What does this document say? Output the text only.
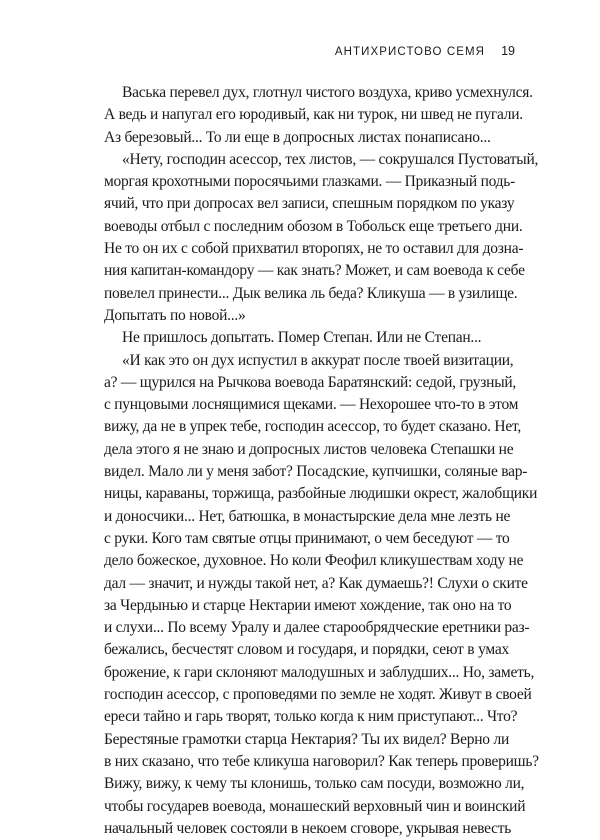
АНТИХРИСТОВО СЕМЯ 19
Васька перевел дух, глотнул чистого воздуха, криво усмехнулся.
А ведь и напугал его юродивый, как ни турок, ни швед не пугали.
Аз березовый... То ли еще в допросных листах понаписано...
«Нету, господин асессор, тех листов, — сокрушался Пустоватый,
моргая крохотными поросячьими глазками. — Приказный подь-
ячий, что при допросах вел записи, спешным порядком по указу
воеводы отбыл с последним обозом в Тобольск еще третьего дни.
Не то он их с собой прихватил второпях, не то оставил для дозна-
ния капитан-командору — как знать? Может, и сам воевода к себе
повелел принести... Дык велика ль беда? Кликуша — в узилище.
Допытать по новой...»
Не пришлось допытать. Помер Степан. Или не Степан...
«И как это он дух испустил в аккурат после твоей визитации,
а? — щурился на Рычкова воевода Баратянский: седой, грузный,
с пунцовыми лоснящимися щеками. — Нехорошее что-то в этом
вижу, да не в упрек тебе, господин асессор, то будет сказано. Нет,
дела этого я не знаю и допросных листов человека Степашки не
видел. Мало ли у меня забот? Посадские, купчишки, соляные вар-
ницы, караваны, торжища, разбойные людишки окрест, жалобщики
и доносчики... Нет, батюшка, в монастырские дела мне лезть не
с руки. Кого там святые отцы принимают, о чем беседуют — то
дело божеское, духовное. Но коли Феофил кликушествам ходу не
дал — значит, и нужды такой нет, а? Как думаешь?! Слухи о ските
за Чердынью и старце Нектарии имеют хождение, так оно на то
и слухи... По всему Уралу и далее старообрядческие еретники раз-
бежались, бесчестят словом и государя, и порядки, сеют в умах
брожение, к гари склоняют малодушных и заблудших... Но, заметь,
господин асессор, с проповедями по земле не ходят. Живут в своей
ереси тайно и гарь творят, только когда к ним приступают... Что?
Берестяные грамотки старца Нектария? Ты их видел? Верно ли
в них сказано, что тебе кликуша наговорил? Как теперь проверишь?
Вижу, вижу, к чему ты клонишь, только сам посуди, возможно ли,
чтобы государев воевода, монашеский верховный чин и воинский
начальный человек состояли в некоем сговоре, укрывая невесть
